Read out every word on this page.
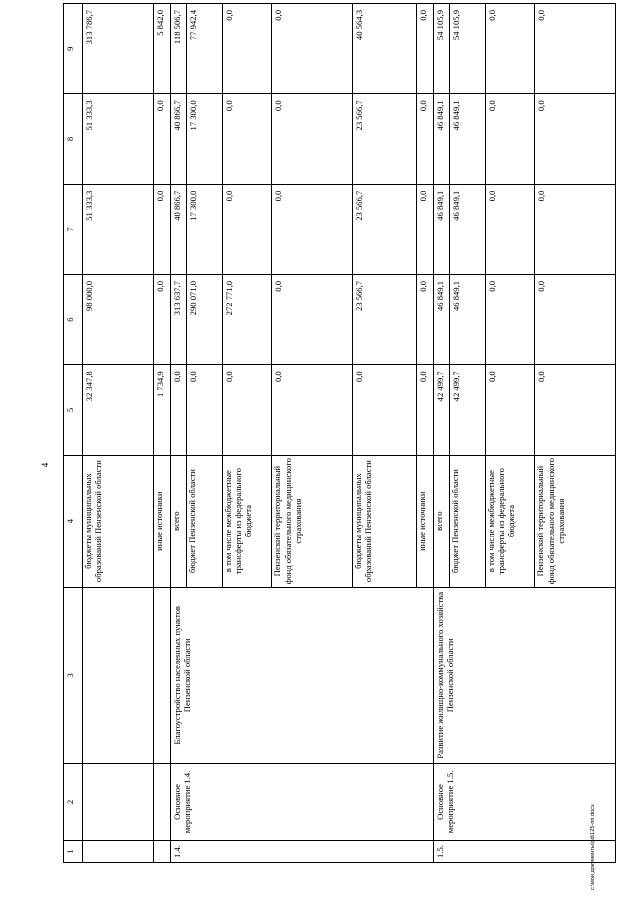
4
1	2	3	4	5	6	7	8	9
			бюджеты муниципальных образований Пензенской области	32 347,8	98 000,0	51 333,3	51 333,3	313 786,7
			иные источники	1 734,9	0,0	0,0	0,0	5 842,0
1.4.	Основное мероприятие 1.4.	Благоустройство населенных пунктов Пензенской области	всего	0,0	313 637,7	40 866,7	40 866,7	118 506,7
			бюджет Пензенской области	0,0	290 071,0	17 300,0	17 300,0	77 942,4
			в том числе межбюджетные трансферты из федерального бюджета	0,0	272 771,0	0,0	0,0	0,0
			Пензенский территориальный фонд обязательного медицинского страхования	0,0	0,0	0,0	0,0	0,0
			бюджеты муниципальных образований Пензенской области	0,0	23 566,7	23 566,7	23 566,7	40 564,3
			иные источники	0,0	0,0	0,0	0,0	0,0
1.5.	Основное мероприятие 1.5.	Развитие жилищно-коммунального хозяйства Пензенской области	всего	42 499,7	46 849,1	46 849,1	46 849,1	54 105,9
			бюджет Пензенской области	42 499,7	46 849,1	46 849,1	46 849,1	54 105,9
			в том числе межбюджетные трансферты из федерального бюджета	0,0	0,0	0,0	0,0	0,0
			Пензенский территориальный фонд обязательного медицинского страхования	0,0	0,0	0,0	0,0	0,0
c:\мои документы\pd\125-пп.docx
